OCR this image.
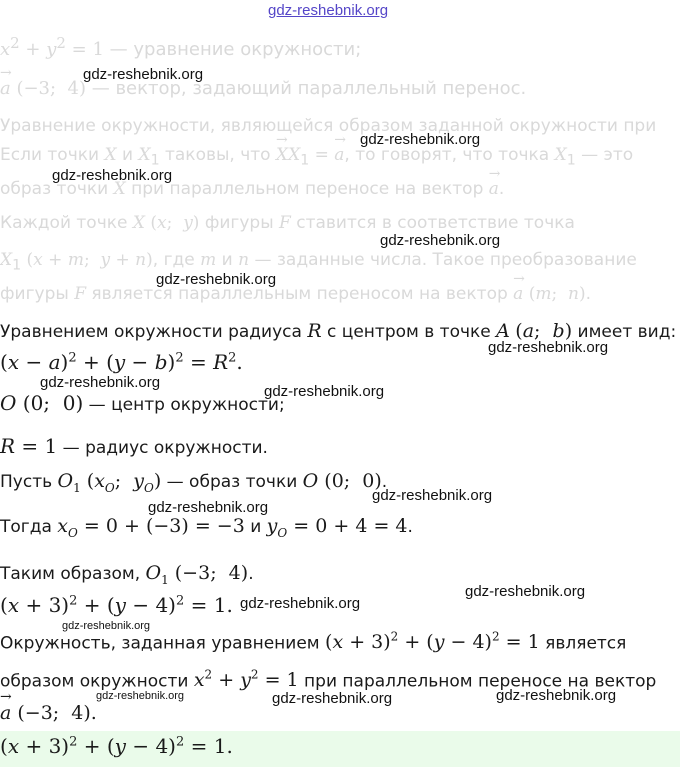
gdz-reshebnik.org
$x^2 + y^2 = 1$ — уравнение окружности;
→ a (−3;  4) — вектор, задающий параллельный перенос.
Уравнение окружности, являющейся образом заданной окружности при
Если точки X и $X_1$ таковы, что → $XX_1$ = → a, то говорят, что точка $X_1$ — это
образ точки X при параллельном переносе на вектор → a.
Каждой точке X (x;  y) фигуры F ставится в соответствие точка
$X_1$ (x + m;  y + n), где m и n — заданные числа. Такое преобразование
фигуры F является параллельным переносом на вектор → a (m;  n).
Уравнением окружности радиуса R с центром в точке A (a;  b) имеет вид:
$(x - a)^2 + (y - b)^2 = R^2$.
O (0;  0) — центр окружности;
R = 1 — радиус окружности.
Пусть $O_1$ ($x_O$;  $y_O$) — образ точки O (0;  0).
Тогда $x_O = 0 + (-3) = -3$ и $y_O = 0 + 4 = 4$.
Таким образом, $O_1$ (−3;  4).
$(x + 3)^2 + (y - 4)^2 = 1$.
Окружность, заданная уравнением $(x + 3)^2 + (y - 4)^2 = 1$ является
образом окружности $x^2 + y^2 = 1$ при параллельном переносе на вектор
→ a (−3;  4).
$(x + 3)^2 + (y - 4)^2 = 1$.
gdz-reshebnik.org
gdz-reshebnik.org
gdz-reshebnik.org
gdz-reshebnik.org
gdz-reshebnik.org
gdz-reshebnik.org
gdz-reshebnik.org
gdz-reshebnik.org
gdz-reshebnik.org
gdz-reshebnik.org
gdz-reshebnik.org
gdz-reshebnik.org
gdz-reshebnik.org
gdz-reshebnik.org	gdz-reshebnik.org	gdz-reshebnik.org
